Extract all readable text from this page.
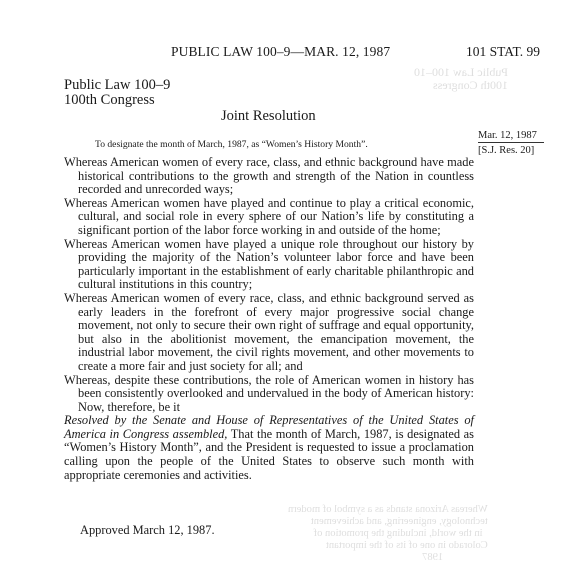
Public Law 100–10
100th Congress
Whereas Arizona stands as a symbol of modern
technology, engineering, and achievement
in the world, including the promotion of
Colorado in one of its of the important
1987
PUBLIC LAW 100–9—MAR. 12, 1987	101 STAT. 99
Public Law 100–9
100th Congress
Joint Resolution
To designate the month of March, 1987, as “Women’s History Month”.
Mar. 12, 1987
[S.J. Res. 20]

Whereas American women of every race, class, and ethnic background have made historical contributions to the growth and strength of the Nation in countless recorded and unrecorded ways;

Whereas American women have played and continue to play a critical economic, cultural, and social role in every sphere of our Nation’s life by constituting a significant portion of the labor force working in and outside of the home;

Whereas American women have played a unique role throughout our history by providing the majority of the Nation’s volunteer labor force and have been particularly important in the establishment of early charitable philanthropic and cultural institutions in this country;

Whereas American women of every race, class, and ethnic background served as early leaders in the forefront of every major progressive social change movement, not only to secure their own right of suffrage and equal opportunity, but also in the abolitionist movement, the emancipation movement, the industrial labor movement, the civil rights movement, and other movements to create a more fair and just society for all; and

Whereas, despite these contributions, the role of American women in history has been consistently overlooked and undervalued in the body of American history: Now, therefore, be it

Resolved by the Senate and House of Representatives of the United States of America in Congress assembled, That the month of March, 1987, is designated as “Women’s History Month”, and the President is requested to issue a proclamation calling upon the people of the United States to observe such month with appropriate ceremonies and activities.

Approved March 12, 1987.
